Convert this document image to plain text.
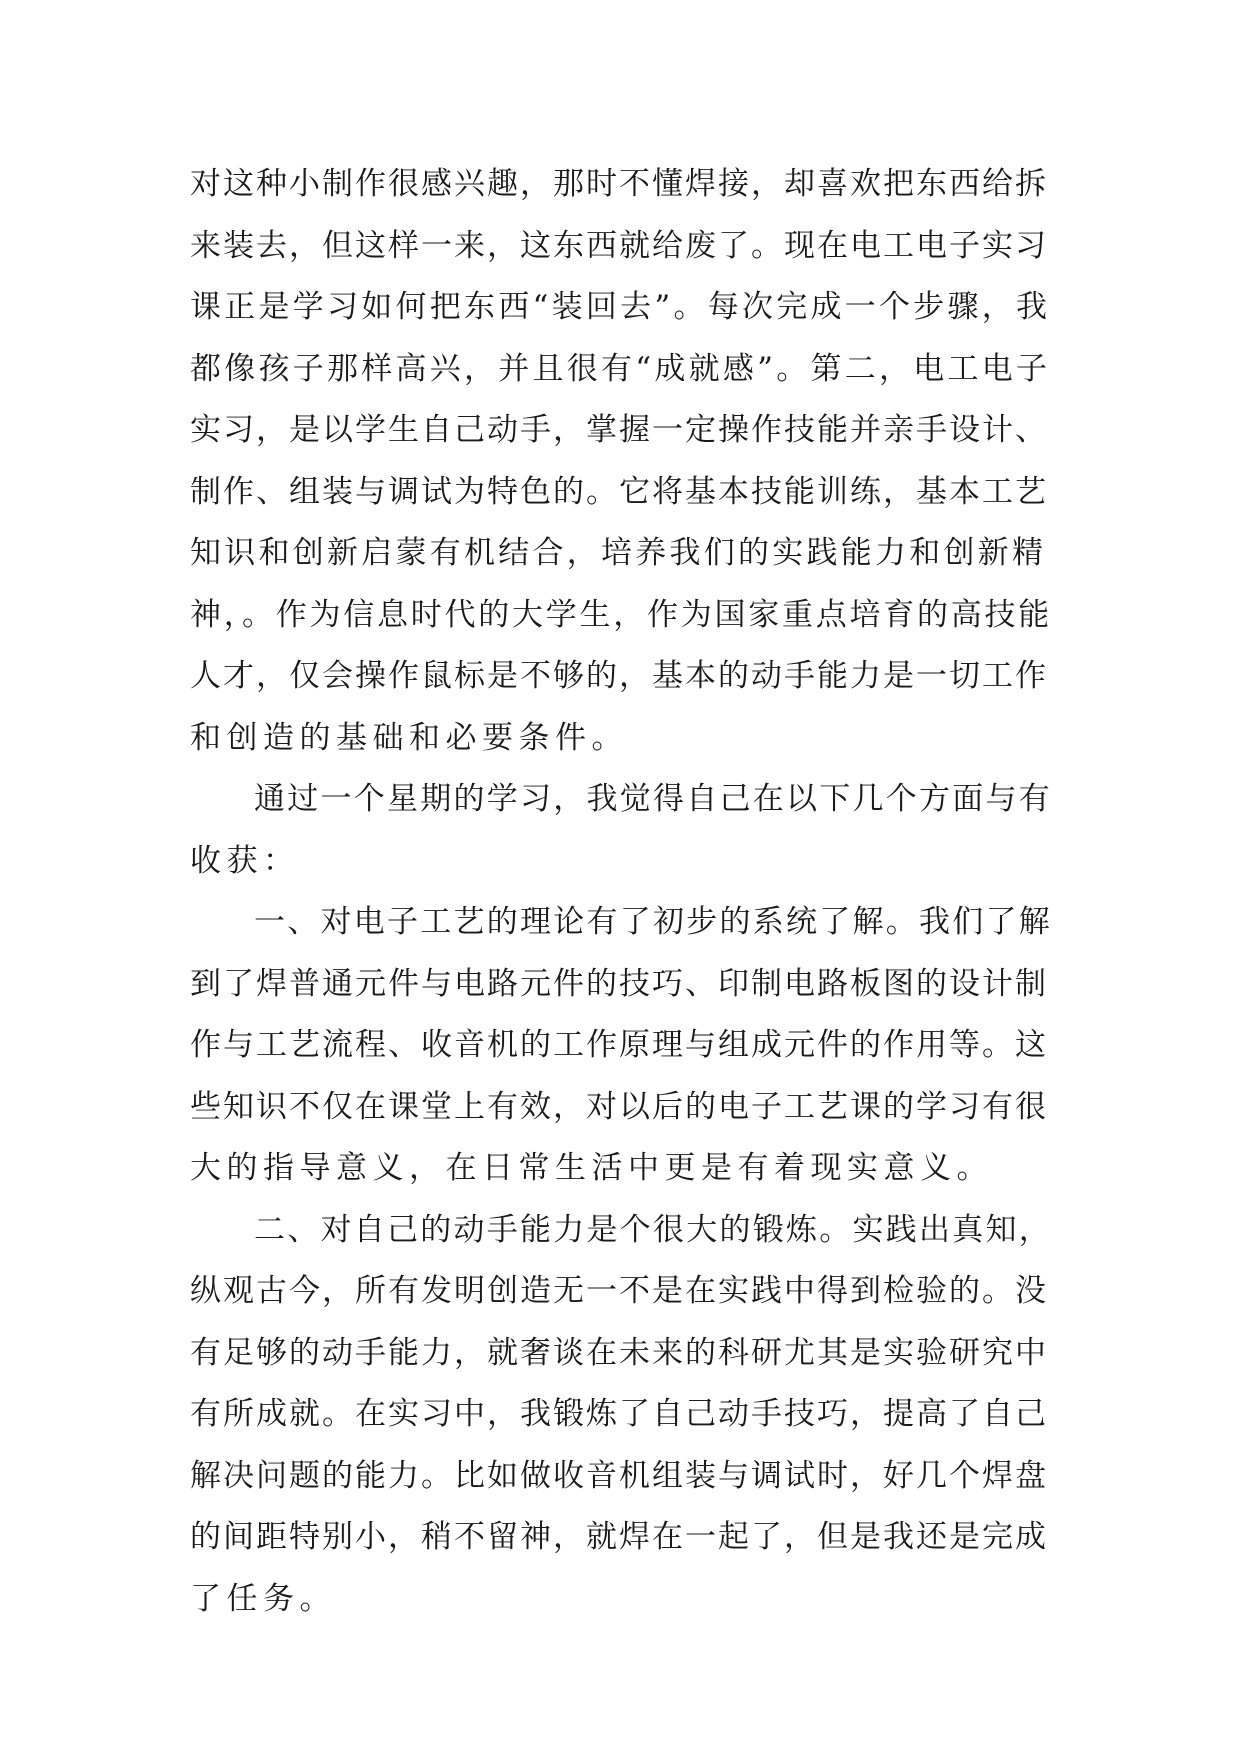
对这种小制作很感兴趣，那时不懂焊接，却喜欢把东西给拆
来装去，但这样一来，这东西就给废了。现在电工电子实习
课正是学习如何把东西“装回去”。每次完成一个步骤，我
都像孩子那样高兴，并且很有“成就感”。第二，电工电子
实习，是以学生自己动手，掌握一定操作技能并亲手设计、
制作、组装与调试为特色的。它将基本技能训练，基本工艺
知识和创新启蒙有机结合，培养我们的实践能力和创新精
神，。作为信息时代的大学生，作为国家重点培育的高技能
人才，仅会操作鼠标是不够的，基本的动手能力是一切工作
和创造的基础和必要条件。
通过一个星期的学习，我觉得自己在以下几个方面与有
收获：
一、对电子工艺的理论有了初步的系统了解。我们了解
到了焊普通元件与电路元件的技巧、印制电路板图的设计制
作与工艺流程、收音机的工作原理与组成元件的作用等。这
些知识不仅在课堂上有效，对以后的电子工艺课的学习有很
大的指导意义，在日常生活中更是有着现实意义。
二、对自己的动手能力是个很大的锻炼。实践出真知，
纵观古今，所有发明创造无一不是在实践中得到检验的。没
有足够的动手能力，就奢谈在未来的科研尤其是实验研究中
有所成就。在实习中，我锻炼了自己动手技巧，提高了自己
解决问题的能力。比如做收音机组装与调试时，好几个焊盘
的间距特别小，稍不留神，就焊在一起了，但是我还是完成
了任务。
